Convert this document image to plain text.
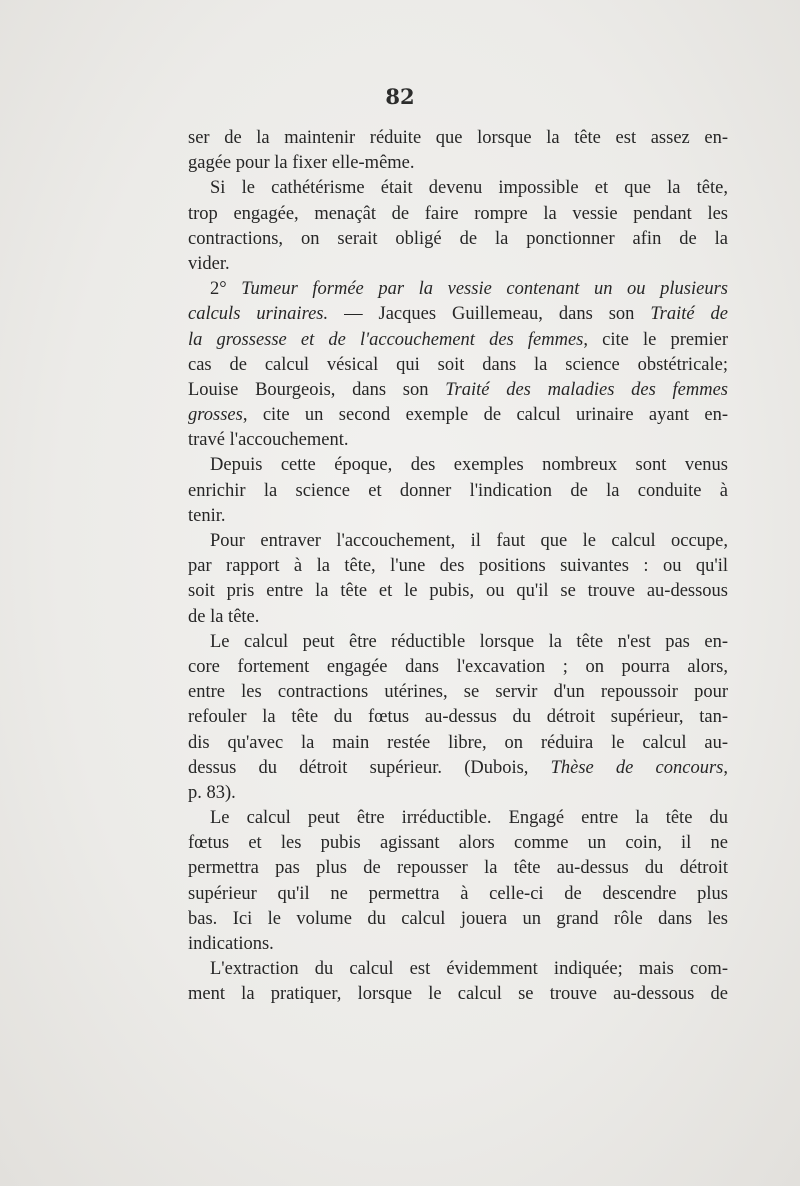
82
ser de la maintenir réduite que lorsque la tête est assez en-
gagée pour la fixer elle-même.
Si le cathétérisme était devenu impossible et que la tête,
trop engagée, menaçât de faire rompre la vessie pendant les
contractions, on serait obligé de la ponctionner afin de la
vider.
2° Tumeur formée par la vessie contenant un ou plusieurs
calculs urinaires. — Jacques Guillemeau, dans son Traité de
la grossesse et de l'accouchement des femmes, cite le premier
cas de calcul vésical qui soit dans la science obstétricale;
Louise Bourgeois, dans son Traité des maladies des femmes
grosses, cite un second exemple de calcul urinaire ayant en-
travé l'accouchement.
Depuis cette époque, des exemples nombreux sont venus
enrichir la science et donner l'indication de la conduite à
tenir.
Pour entraver l'accouchement, il faut que le calcul occupe,
par rapport à la tête, l'une des positions suivantes : ou qu'il
soit pris entre la tête et le pubis, ou qu'il se trouve au-dessous
de la tête.
Le calcul peut être réductible lorsque la tête n'est pas en-
core fortement engagée dans l'excavation ; on pourra alors,
entre les contractions utérines, se servir d'un repoussoir pour
refouler la tête du fœtus au-dessus du détroit supérieur, tan-
dis qu'avec la main restée libre, on réduira le calcul au-
dessus du détroit supérieur. (Dubois, Thèse de concours,
p. 83).
Le calcul peut être irréductible. Engagé entre la tête du
fœtus et les pubis agissant alors comme un coin, il ne
permettra pas plus de repousser la tête au-dessus du détroit
supérieur qu'il ne permettra à celle-ci de descendre plus
bas. Ici le volume du calcul jouera un grand rôle dans les
indications.
L'extraction du calcul est évidemment indiquée; mais com-
ment la pratiquer, lorsque le calcul se trouve au-dessous de
